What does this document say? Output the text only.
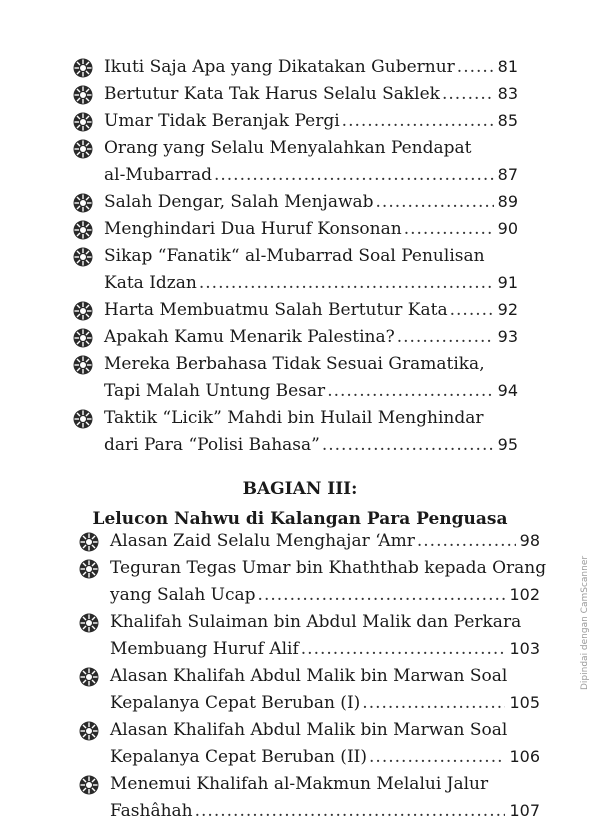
Ikuti Saja Apa yang Dikatakan Gubernur .....	81
Bertutur Kata Tak Harus Selalu Saklek .....	83
Umar Tidak Beranjak Pergi .....	85
Orang yang Selalu Menyalahkan Pendapat
al-Mubarrad .....	87
Salah Dengar, Salah Menjawab .....	89
Menghindari Dua Huruf Konsonan .....	90
Sikap “Fanatik“ al-Mubarrad Soal Penulisan
Kata Idzan .....	91
Harta Membuatmu Salah Bertutur Kata .....	92
Apakah Kamu Menarik Palestina? .....	93
Mereka Berbahasa Tidak Sesuai Gramatika,
Tapi Malah Untung Besar .....	94
Taktik “Licik” Mahdi bin Hulail Menghindar
dari Para “Polisi Bahasa” .....	95
BAGIAN III:
Lelucon Nahwu di Kalangan Para Penguasa
Alasan Zaid Selalu Menghajar ‘Amr .....	98
Teguran Tegas Umar bin Khaththab kepada Orang
yang Salah Ucap .....	102
Khalifah Sulaiman bin Abdul Malik dan Perkara
Membuang Huruf Alif .....	103
Alasan Khalifah Abdul Malik bin Marwan Soal
Kepalanya Cepat Beruban (I) .....	105
Alasan Khalifah Abdul Malik bin Marwan Soal
Kepalanya Cepat Beruban (II) .....	106
Menemui Khalifah al-Makmun Melalui Jalur
Fashâhah .....	107
Dipindai dengan CamScanner
